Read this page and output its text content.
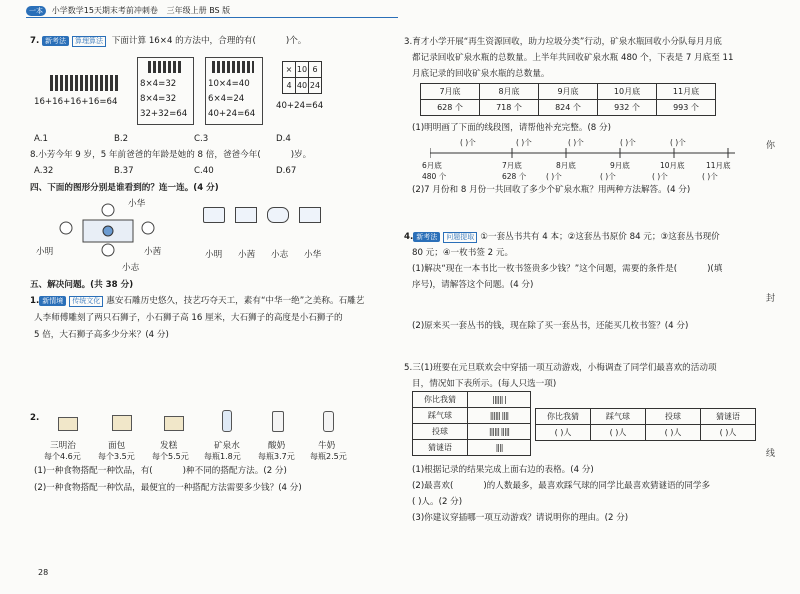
一本 小学数学15天期末考前冲刺卷 三年级上册 BS 版
7. 新考法 算理算法 下面计算 16×4 的方法中，合理的有(	)个。
16+16+16+16=64
8×4=32
8×4=32
32+32=64
10×4=40
6×4=24
40+24=64
×	10	6
4	40	24
40+24=64
A.1	B.2	C.3	D.4
8.小芳今年 9 岁，5 年前爸爸的年龄是她的 8 倍，爸爸今年(	)岁。
A.32	B.37	C.40	D.67
四、下面的图形分别是谁看到的？连一连。(4 分)
小华
小明	小茜
小志
小明 小茜 小志 小华
五、解决问题。(共 38 分)
1. 新情境 传统文化 惠安石雕历史悠久，技艺巧夺天工，素有“中华一绝”之美称。石雕艺
人李师傅雕刻了两只石狮子，小石狮子高 16 厘米，大石狮子的高度是小石狮子的
5 倍，大石狮子高多少分米？(4 分)
2.
三明治	面包	发糕	矿泉水	酸奶	牛奶
每个4.6元 每个3.5元 每个5.5元 每瓶1.8元 每瓶3.7元 每瓶2.5元
(1)一种食物搭配一种饮品，有(	)种不同的搭配方法。(2 分)
(2)一种食物搭配一种饮品，最便宜的一种搭配方法需要多少钱？(4 分)
28
3.育才小学开展“再生资源回收，助力垃圾分类”行动，矿泉水瓶回收小分队每月月底
都记录回收矿泉水瓶的总数量。上半年共回收矿泉水瓶 480 个，下表是 7 月底至 11
月底记录的回收矿泉水瓶的总数量。
7月底	8月底	9月底	10月底	11月底
628 个	718 个	824 个	932 个	993 个
(1)明明画了下面的线段图，请帮他补充完整。(8 分)
( )个	( )个	( )个	( )个	( )个
6月底	7月底	8月底	9月底	10月底	11月底
480 个	628 个	( )个	( )个	( )个	( )个
(2)7 月份和 8 月份一共回收了多少个矿泉水瓶？用两种方法解答。(4 分)
4. 新考法 问题提取 ①一套丛书共有 4 本；②这套丛书原价 84 元；③这套丛书现价
80 元；④一枚书签 2 元。
(1)解决“现在一本书比一枚书签贵多少钱？”这个问题，需要的条件是(	)(填
序号)，请解答这个问题。(4 分)
(2)原来买一套丛书的钱，现在除了买一套丛书，还能买几枚书签？(4 分)
5.三(1)班要在元旦联欢会中穿插一项互动游戏，小梅调查了同学们最喜欢的活动项
目，情况如下表所示。(每人只选一项)
你比我猜	|||||| |
踩气球	|||||| ||||
投球	|||||| |||||
猜谜语	||||
你比我猜	踩气球	投球	猜谜语
( )人	( )人	( )人	( )人
(1)根据记录的结果完成上面右边的表格。(4 分)
(2)最喜欢(	)的人数最多，最喜欢踩气球的同学比最喜欢猜谜语的同学多
( )人。(2 分)
(3)你建议穿插哪一项互动游戏？请说明你的理由。(2 分)
你
封
线
